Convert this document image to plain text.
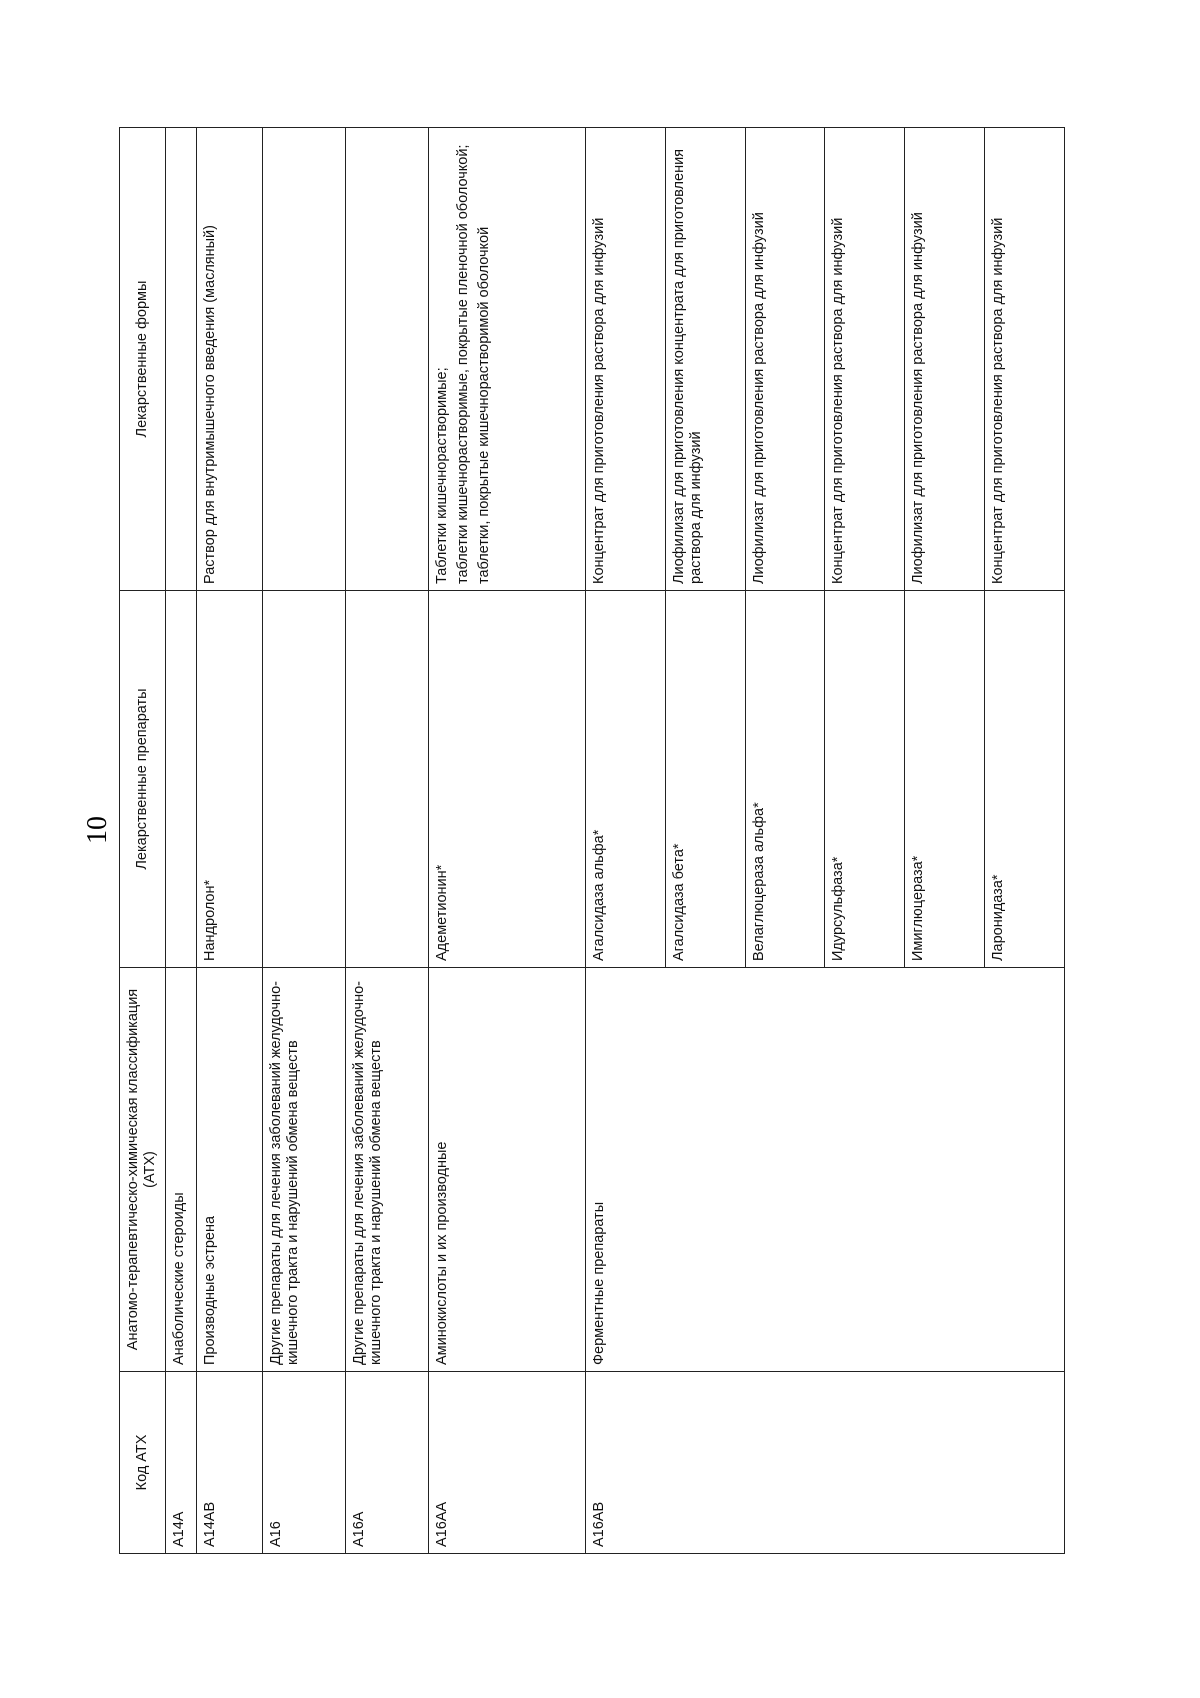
10
Код АТХ	Анатомо-терапевтическо-химическая классификация (АТХ)	Лекарственные препараты	Лекарственные формы
A14A	Анаболические стероиды		
A14AB	Производные эстрена	Нандролон*	Раствор для внутримышечного введения (масляный)

A16	Другие препараты для лечения заболеваний желудочно-кишечного тракта и нарушений обмена веществ		
A16A	Другие препараты для лечения заболеваний желудочно-кишечного тракта и нарушений обмена веществ		
A16AA	Аминокислоты и их производные	Адеметионин*	Таблетки кишечнорастворимые; таблетки кишечнорастворимые, покрытые пленочной оболочкой; таблетки, покрытые кишечнорастворимой оболочкой

A16AB	Ферментные препараты	Агалсидаза альфа*	Концентрат для приготовления раствора для инфузий

		Агалсидаза бета*	Лиофилизат для приготовления концентрата для приготовления раствора для инфузий

		Велаглюцераза альфа*	Лиофилизат для приготовления раствора для инфузий

		Идурсульфаза*	Концентрат для приготовления раствора для инфузий

		Имиглюцераза*	Лиофилизат для приготовления раствора для инфузий

		Ларонидаза*	Концентрат для приготовления раствора для инфузий
